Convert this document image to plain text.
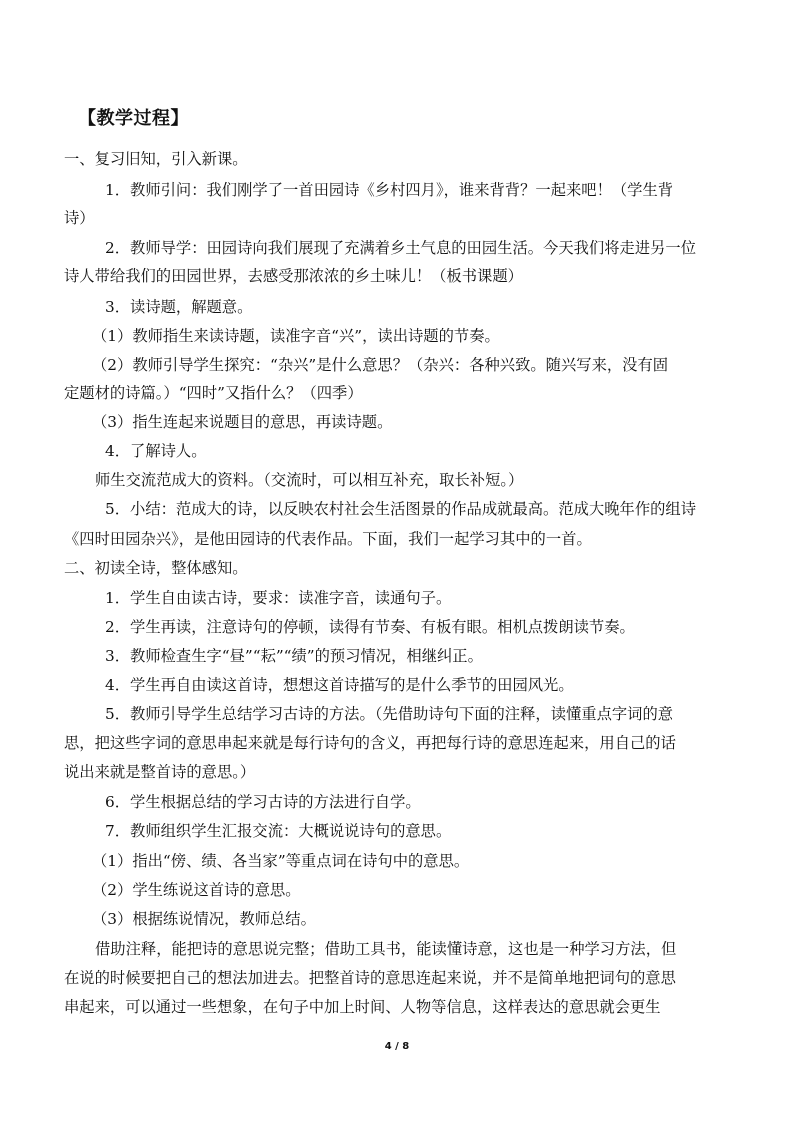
【教学过程】
一、复习旧知，引入新课。
1．教师引问：我们刚学了一首田园诗《乡村四月》，谁来背背？一起来吧！（学生背
诗）
2．教师导学：田园诗向我们展现了充满着乡土气息的田园生活。今天我们将走进另一位
诗人带给我们的田园世界，去感受那浓浓的乡土味儿！（板书课题）
3．读诗题，解题意。
（1）教师指生来读诗题，读准字音“兴”，读出诗题的节奏。
（2）教师引导学生探究：“杂兴”是什么意思？（杂兴：各种兴致。随兴写来，没有固
定题材的诗篇。）“四时”又指什么？（四季）
（3）指生连起来说题目的意思，再读诗题。
4．了解诗人。
师生交流范成大的资料。（交流时，可以相互补充，取长补短。）
5．小结：范成大的诗，以反映农村社会生活图景的作品成就最高。范成大晚年作的组诗
《四时田园杂兴》，是他田园诗的代表作品。下面，我们一起学习其中的一首。
二、初读全诗，整体感知。
1．学生自由读古诗，要求：读准字音，读通句子。
2．学生再读，注意诗句的停顿，读得有节奏、有板有眼。相机点拨朗读节奏。
3．教师检查生字“昼”“耘”“绩”的预习情况，相继纠正。
4．学生再自由读这首诗，想想这首诗描写的是什么季节的田园风光。
5．教师引导学生总结学习古诗的方法。（先借助诗句下面的注释，读懂重点字词的意
思，把这些字词的意思串起来就是每行诗句的含义，再把每行诗的意思连起来，用自己的话
说出来就是整首诗的意思。）
6．学生根据总结的学习古诗的方法进行自学。
7．教师组织学生汇报交流：大概说说诗句的意思。
（1）指出“傍、绩、各当家”等重点词在诗句中的意思。
（2）学生练说这首诗的意思。
（3）根据练说情况，教师总结。
借助注释，能把诗的意思说完整；借助工具书，能读懂诗意，这也是一种学习方法，但
在说的时候要把自己的想法加进去。把整首诗的意思连起来说，并不是简单地把词句的意思
串起来，可以通过一些想象，在句子中加上时间、人物等信息，这样表达的意思就会更生
4 / 8
